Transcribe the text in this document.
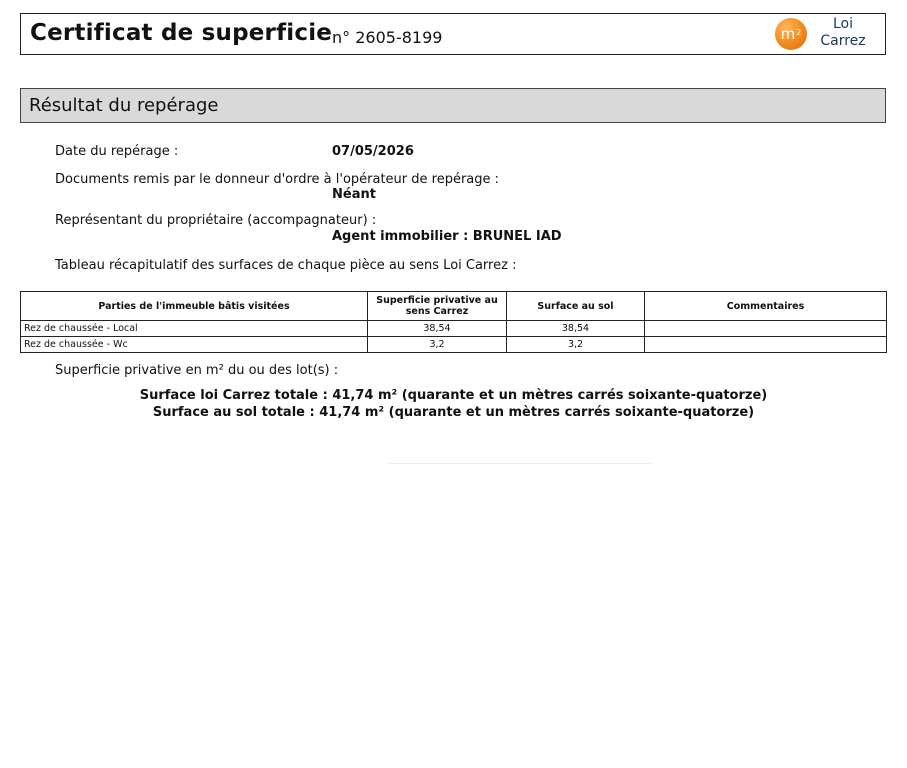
Certificat de superficie n° 2605-8199	$m^2$	Loi
Carrez
Résultat du repérage
Date du repérage :	07/05/2026
Documents remis par le donneur d'ordre à l'opérateur de repérage :
Néant
Représentant du propriétaire (accompagnateur) :
Agent immobilier : BRUNEL IAD
Tableau récapitulatif des surfaces de chaque pièce au sens Loi Carrez :
Parties de l'immeuble bâtis visitées	Superficie privative au sens Carrez	Surface au sol	Commentaires
Rez de chaussée - Local	38,54	38,54	
Rez de chaussée - Wc	3,2	3,2	
Superficie privative en m² du ou des lot(s) :
Surface loi Carrez totale : 41,74 m² (quarante et un mètres carrés soixante-quatorze)
Surface au sol totale : 41,74 m² (quarante et un mètres carrés soixante-quatorze)
